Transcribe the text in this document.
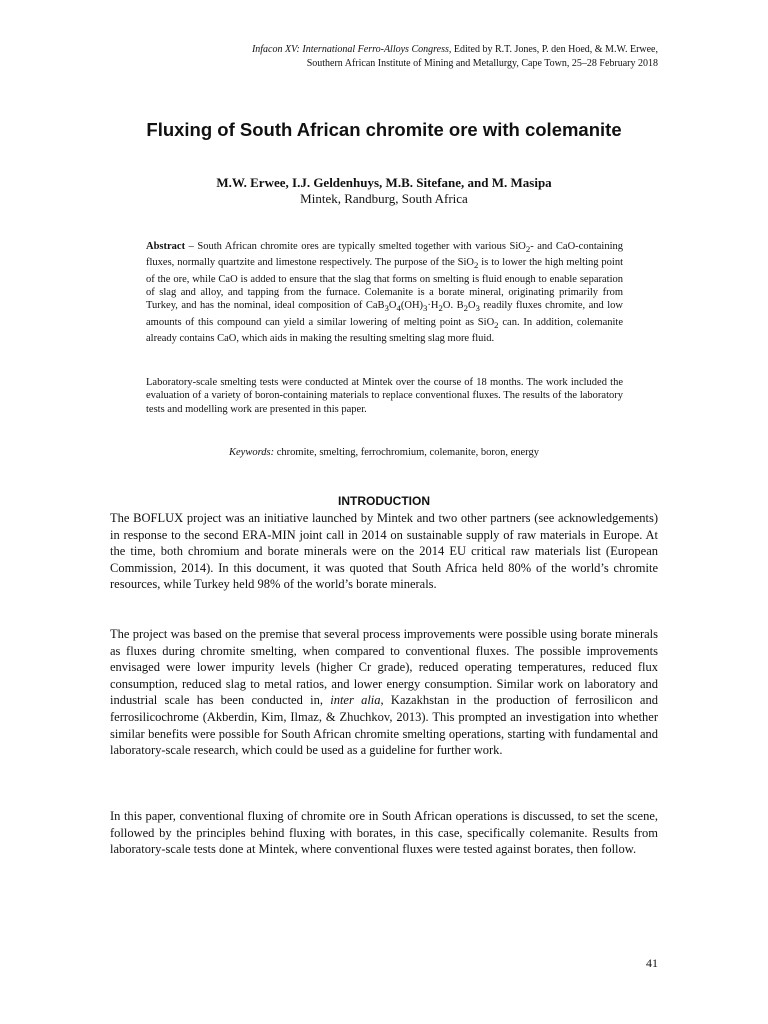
Infacon XV: International Ferro-Alloys Congress, Edited by R.T. Jones, P. den Hoed, & M.W. Erwee,
Southern African Institute of Mining and Metallurgy, Cape Town, 25–28 February 2018
Fluxing of South African chromite ore with colemanite
M.W. Erwee, I.J. Geldenhuys, M.B. Sitefane, and M. Masipa
Mintek, Randburg, South Africa
Abstract – South African chromite ores are typically smelted together with various SiO$_2$- and CaO-containing fluxes, normally quartzite and limestone respectively. The purpose of the SiO$_2$ is to lower the high melting point of the ore, while CaO is added to ensure that the slag that forms on smelting is fluid enough to enable separation of slag and alloy, and tapping from the furnace. Colemanite is a borate mineral, originating primarily from Turkey, and has the nominal, ideal composition of $CaB_3O_4(OH)_3\cdot H_2O$. $B_2O_3$ readily fluxes chromite, and low amounts of this compound can yield a similar lowering of melting point as SiO$_2$ can. In addition, colemanite already contains CaO, which aids in making the resulting smelting slag more fluid.
Laboratory-scale smelting tests were conducted at Mintek over the course of 18 months. The work included the evaluation of a variety of boron-containing materials to replace conventional fluxes. The results of the laboratory tests and modelling work are presented in this paper.
Keywords: chromite, smelting, ferrochromium, colemanite, boron, energy
INTRODUCTION
The BOFLUX project was an initiative launched by Mintek and two other partners (see acknowledgements) in response to the second ERA-MIN joint call in 2014 on sustainable supply of raw materials in Europe. At the time, both chromium and borate minerals were on the 2014 EU critical raw materials list (European Commission, 2014). In this document, it was quoted that South Africa held 80% of the world’s chromite resources, while Turkey held 98% of the world’s borate minerals.
The project was based on the premise that several process improvements were possible using borate minerals as fluxes during chromite smelting, when compared to conventional fluxes. The possible improvements envisaged were lower impurity levels (higher Cr grade), reduced operating temperatures, reduced flux consumption, reduced slag to metal ratios, and lower energy consumption. Similar work on laboratory and industrial scale has been conducted in, inter alia, Kazakhstan in the production of ferrosilicon and ferrosilicochrome (Akberdin, Kim, Ilmaz, & Zhuchkov, 2013). This prompted an investigation into whether similar benefits were possible for South African chromite smelting operations, starting with fundamental and laboratory-scale research, which could be used as a guideline for further work.
In this paper, conventional fluxing of chromite ore in South African operations is discussed, to set the scene, followed by the principles behind fluxing with borates, in this case, specifically colemanite. Results from laboratory-scale tests done at Mintek, where conventional fluxes were tested against borates, then follow.
41
